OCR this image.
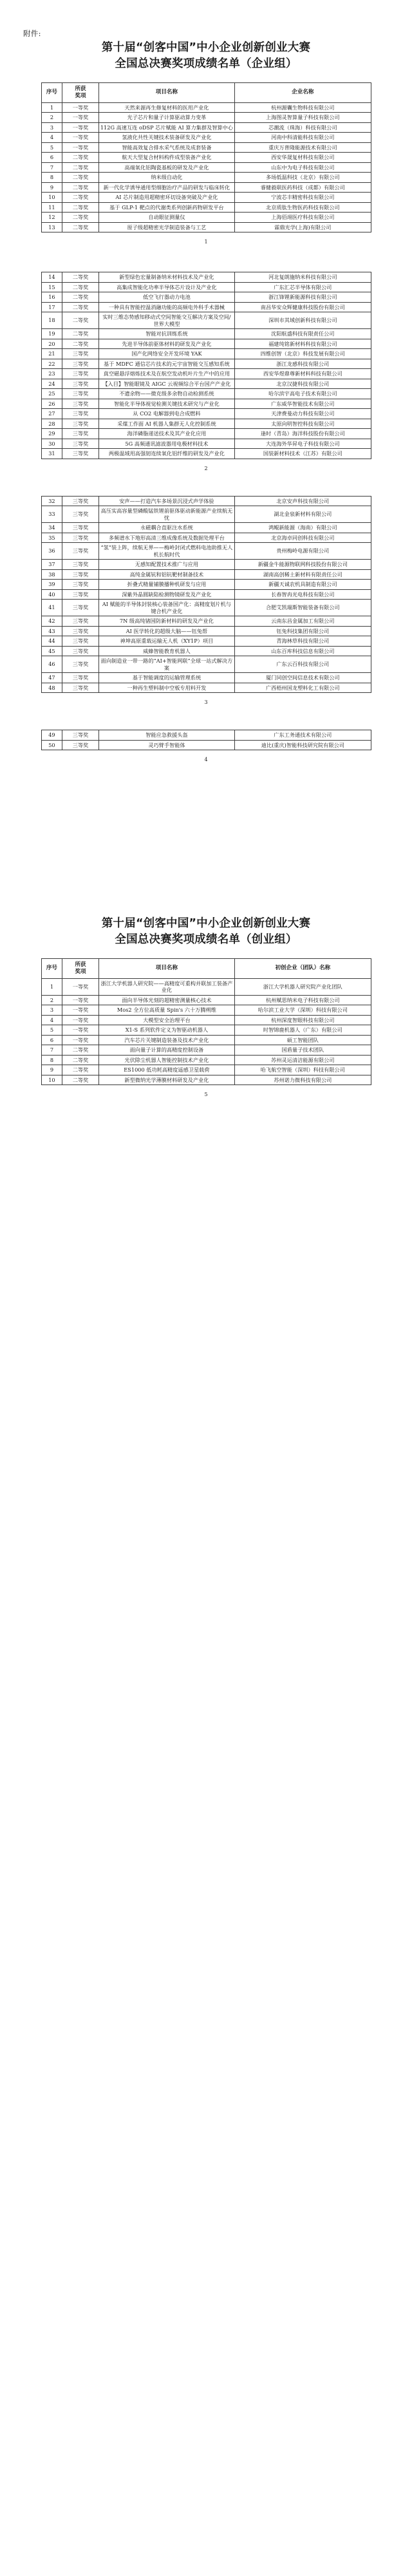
附件:
第十届“创客中国”中小企业创新创业大赛
全国总决赛奖项成绩名单（企业组）
序号	所获
奖项	项目名称	企业名称
1	一等奖	天然来源再生修复材料的医用产业化	杭州源囊生物科技有限公司
2	一等奖	光子芯片和量子计算驱动算力变革	上海图灵智算量子科技有限公司
3	一等奖	112G 高速互连 oDSP 芯片赋能 AI 算力集群及智算中心	芯潮流（珠海）科技有限公司
4	一等奖	氢液化共性关键技术装备研发及产业化	河南中科清能科技有限公司
5	一等奖	智能高效复合排水采气系统及成套装备	重庆万普隆能源技术有限公司
6	二等奖	航天大型复合材料构件成型装备产业化	西安华晟复材科技有限公司
7	二等奖	高端氧化铝陶瓷基板的研发及产业化	山东中为电子科技有限公司
8	二等奖	纳米级自动化	多场低温科技（北京）有限公司
9	二等奖	新一代化学诱导通用型细胞治疗产品的研发与临床转化	睿健毅联医药科技（成都）有限公司
10	二等奖	AI 芯片制造用超精密环切设备突破及产业化	宁波芯丰精密科技有限公司
11	二等奖	基于 GLP-1 靶点的代谢类系列创新药物研发平台	北京质肽生物医药科技有限公司
12	二等奖	自动眼征测量仪	上海佰翊医疗科技有限公司
13	二等奖	原子级超精密光学制造装备与工艺	霖鼎光学(上海)有限公司
1
14	二等奖	新型绿色宏量制备纳米材料技术及产业化	河北复朗施纳米科技有限公司
15	二等奖	高集成智能化功率半导体芯片设计及产业化	广东汇芯半导体有限公司
16	二等奖	低空飞行器动力电池	浙江锋锂新能源科技有限公司
17	二等奖	一种具有智能控温消融功能的高频电外科手术器械	南昌华安众辉健康科技股份有限公司
18	二等奖	实时三维态势感知移动式空间智能交互解决方案及空间/世界大模型	深圳市其域创新科技有限公司
19	二等奖	智能对抗训练系统	沈阳航盛科技有限责任公司
20	二等奖	先进半导体前驱体材料的研发及产业化	福建纯铭新材料科技有限公司
21	三等奖	国产化网络安全开发环境 YAK	四维创智（北京）科技发展有限公司
22	三等奖	基于 MDFC 通信芯片技术的元宇宙智能交互感知系统	浙江龙感科技有限公司
23	三等奖	真空磁悬浮熔炼技术及在航空发动机叶片生产中的应用	西安华煜鼎尊新材料科技有限公司
24	三等奖	【入目】智能眼镜及 AIGC 云视频综合平台国产产业化	北京汉捷科技有限公司
25	三等奖	不遗余物——微克级多余物自动检测系统	哈尔滨宇高电子技术有限公司
26	三等奖	智能化半导体视觉检测关键技术研究与产业化	广东威华智能技术有限公司
27	三等奖	从 CO2 电解器到电合成燃料	天津费曼动力科技有限公司
28	三等奖	采煤工作面 AI 机器人集群无人化控制系统	太原向明智控科技有限公司
29	三等奖	海洋磷脂递送技术及其产业化应用	逢时（青岛）海洋科技股份有限公司
30	三等奖	5G 高频通讯滤波器用电极材料技术	大连海外华昇电子科技有限公司
31	三等奖	两极温域用高强韧连续氧化铝纤维的研发及产业化	国装新材料技术（江苏）有限公司
2
32	三等奖	安声——打造汽车多场景沉浸式声学体验	北京安声科技有限公司
33	三等奖	高压实高容量型磷酸锰铁锂前驱体驱动新能源产业续航无忧	湖北金泉新材料有限公司
34	三等奖	永磁耦合直驱注水系统	鸿鲲新能源（海南）有限公司
35	三等奖	多频谱水下地形高清三维成像系统及数据处理平台	北京海卓同创科技有限公司
36	三等奖	“氢”装上阵，续航无界——梅岭封闭式燃料电池助推无人机长航时代	贵州梅岭电源有限公司
37	三等奖	无感知配置技术推广与应用	新疆金牛能源物联网科技股份有限公司
38	三等奖	高纯金属钪和铝钪靶材制备技术	湖南高创稀土新材料有限责任公司
39	三等奖	折叠式精量铺膜播种机研发与应用	新疆天诚农机具制造有限公司
40	三等奖	深紫外晶圆缺陷检测物镜研发及产业化	长春智冉光电科技有限公司
41	三等奖	AI 赋能的半导体封装核心装备国产化：高精度划片机与键合机产业化	合肥艾凯瑞斯智能装备有限公司
42	三等奖	7N 级高纯锗国防新材料的研发及产业化	云南东昌金属加工有限公司
43	三等奖	AI 医学转化的超级大脑——钰兔帮	钰兔科技集团有限公司
44	三等奖	神坤高原重载运输无人机（XY1P）项目	青海林草科技有限公司
45	三等奖	威蜂智能教育机器人	山东百库科技信息有限公司
46	三等奖	面向制造业一带一路的“AI+智能网联”全球一站式解决方案	广东云百科技有限公司
47	三等奖	基于智能调度的运输管理系统	厦门同创空间信息技术有限公司
48	三等奖	一种再生塑料制中空板专用料开发	广西梧州国龙塑料化工有限公司
3
49	三等奖	智能应急救援头盔	广东工务通技术有限公司
50	三等奖	灵巧臂手智能体	迪比(重庆)智能科技研究院有限公司
4
第十届“创客中国”中小企业创新创业大赛
全国总决赛奖项成绩名单（创业组）
序号	所获
奖项	项目名称	初创企业（团队）名称
1	一等奖	浙江大学机器人研究院——高精度可重构并联加工装备产业化	浙江大学机器人研究院产业化团队
2	一等奖	面向半导体光刻的超精密测量核心技术	杭州赋思纳米电子科技有限公司
3	一等奖	Mos2 全方位高质量 Spin's 六十万腾朔维	哈尔滨工业大学（深圳）科技有限公司
4	一等奖	大模型安全治理平台	杭州深度智眼科技有限公司
5	一等奖	X1-S 系列软件定义为智驱动机器人	时智锦鹿机器人（广东）有限公司
6	一等奖	汽车芯片关键制造装备及技术产业化	硕工智能团队
7	二等奖	面向量子计算的高精度控制设备	国盾量子技术团队
8	二等奖	光伏除尘机器人智能控制技术产业化	苏州灵运清洁能源有限公司
9	二等奖	ES1000 低功耗高精度遥感卫星载荷	哈飞航空智能（深圳）科技有限公司
10	二等奖	新型微纳光学薄膜材料研发及产业化	苏州诺力微科技有限公司
5
